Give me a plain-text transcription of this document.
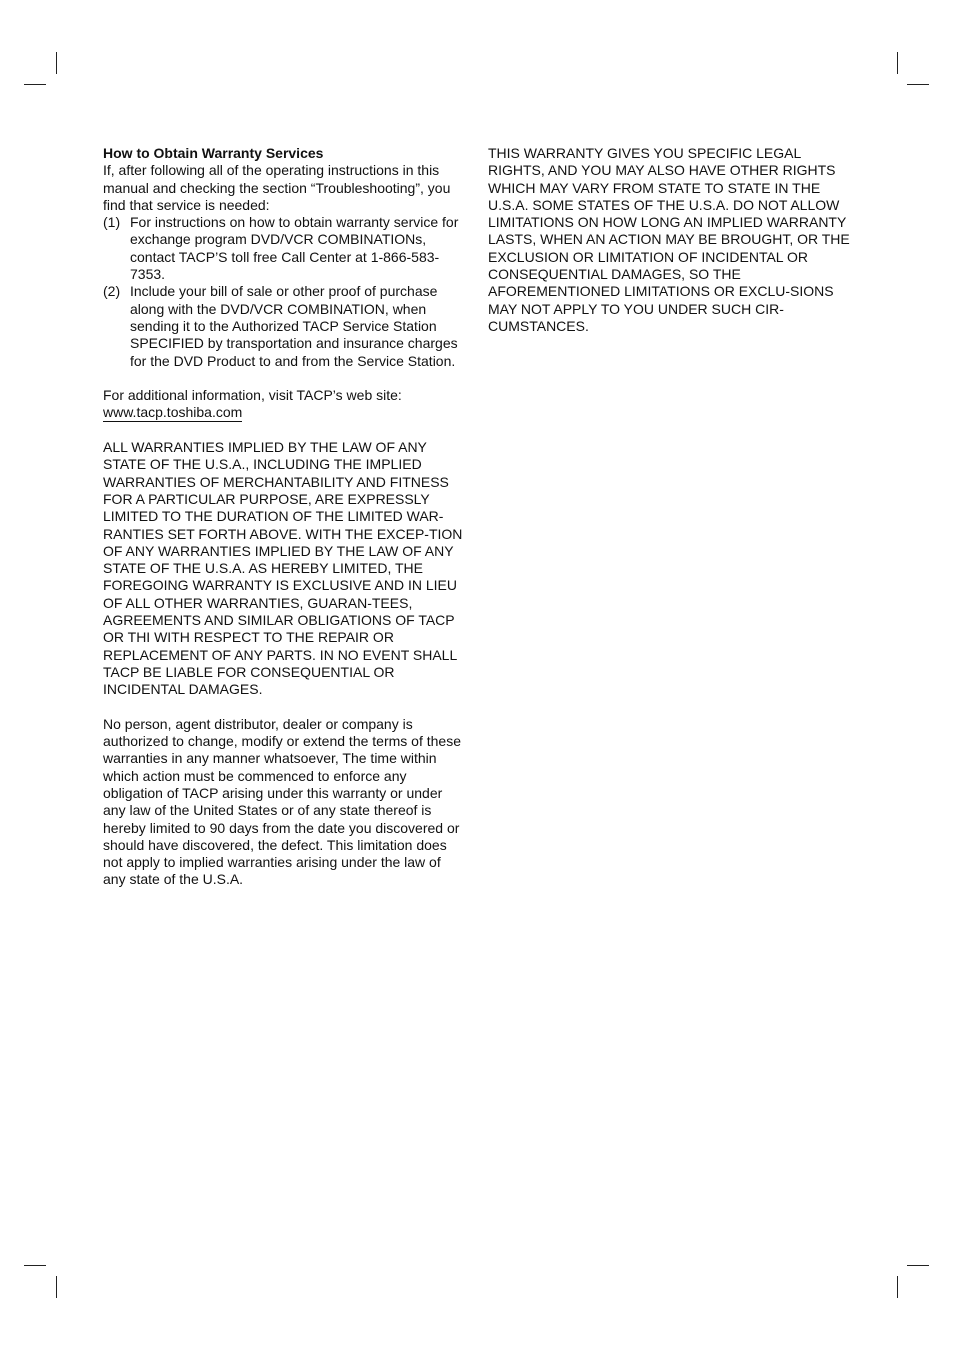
How to Obtain Warranty Services

If, after following all of the operating instructions in this manual and checking the section “Troubleshooting”, you find that service is needed:

(1) For instructions on how to obtain warranty service for exchange program DVD/VCR COMBINATIONs, contact TACP’S toll free Call Center at 1-866-583-7353.
(2) Include your bill of sale or other proof of purchase along with the DVD/VCR COMBINATION, when sending it to the Authorized TACP Service Station SPECIFIED by transportation and insurance charges for the DVD Product to and from the Service Station.

For additional information, visit TACP’s web site:

www.tacp.toshiba.com

ALL WARRANTIES IMPLIED BY THE LAW OF ANY STATE OF THE U.S.A., INCLUDING THE IMPLIED WARRANTIES OF MERCHANTABILITY AND FITNESS FOR A PARTICULAR PURPOSE, ARE EXPRESSLY LIMITED TO THE DURATION OF THE LIMITED WAR-RANTIES SET FORTH ABOVE. WITH THE EXCEP-TION OF ANY WARRANTIES IMPLIED BY THE LAW OF ANY STATE OF THE U.S.A. AS HEREBY LIMITED, THE FOREGOING WARRANTY IS EXCLUSIVE AND IN LIEU OF ALL OTHER WARRANTIES, GUARAN-TEES, AGREEMENTS AND SIMILAR OBLIGATIONS OF TACP OR THI WITH RESPECT TO THE REPAIR OR REPLACEMENT OF ANY PARTS. IN NO EVENT SHALL TACP BE LIABLE FOR CONSEQUENTIAL OR INCIDENTAL DAMAGES.

No person, agent distributor, dealer or company is authorized to change, modify or extend the terms of these warranties in any manner whatsoever, The time within which action must be commenced to enforce any obligation of TACP arising under this warranty or under any law of the United States or of any state thereof is hereby limited to 90 days from the date you discovered or should have discovered, the defect. This limitation does not apply to implied warranties arising under the law of any state of the U.S.A.

THIS WARRANTY GIVES YOU SPECIFIC LEGAL RIGHTS, AND YOU MAY ALSO HAVE OTHER RIGHTS WHICH MAY VARY FROM STATE TO STATE IN THE U.S.A. SOME STATES OF THE U.S.A. DO NOT ALLOW LIMITATIONS ON HOW LONG AN IMPLIED WARRANTY LASTS, WHEN AN ACTION MAY BE BROUGHT, OR THE EXCLUSION OR LIMITATION OF INCIDENTAL OR CONSEQUENTIAL DAMAGES, SO THE AFOREMENTIONED LIMITATIONS OR EXCLU-SIONS MAY NOT APPLY TO YOU UNDER SUCH CIR-CUMSTANCES.
